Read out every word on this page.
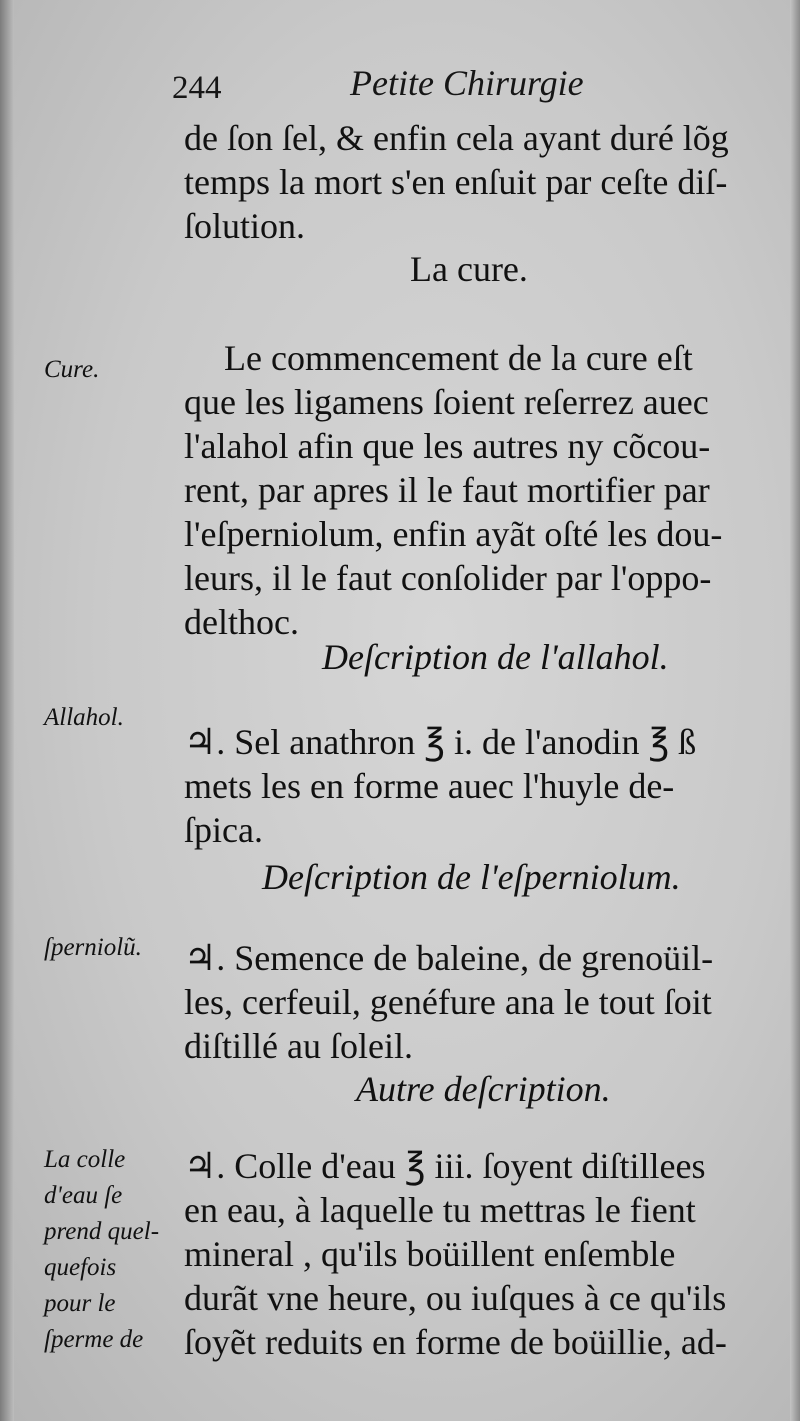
244	Petite Chirurgie
de ſon ſel, & enfin cela ayant duré lõg
temps la mort s'en enſuit par ceſte diſ-
ſolution.
La cure.
Cure.	Le commencement de la cure eſt
que les ligamens ſoient reſerrez auec
l'alahol afin que les autres ny cõcou-
rent, par apres il le faut mortifier par
l'eſperniolum, enfin ayãt oſté les dou-
leurs, il le faut conſolider par l'oppo-
delthoc.
Deſcription de l'allahol.
Allahol.
♃. Sel anathron ℥ i. de l'anodin ℥ ß
mets les en forme auec l'huyle de-
ſpica.
Deſcription de l'eſperniolum.
ſperniolũ.	♃. Semence de baleine, de grenoüil-
les, cerfeuil, genéfure ana le tout ſoit
diſtillé au ſoleil.
Autre deſcription.
La colle
d'eau ſe
prend quel-
quefois
pour le
ſperme de
♃. Colle d'eau ℥ iii. ſoyent diſtillees
en eau, à laquelle tu mettras le fient
mineral , qu'ils boüillent enſemble
durãt vne heure, ou iuſques à ce qu'ils
ſoyẽt reduits en forme de boüillie, ad-
